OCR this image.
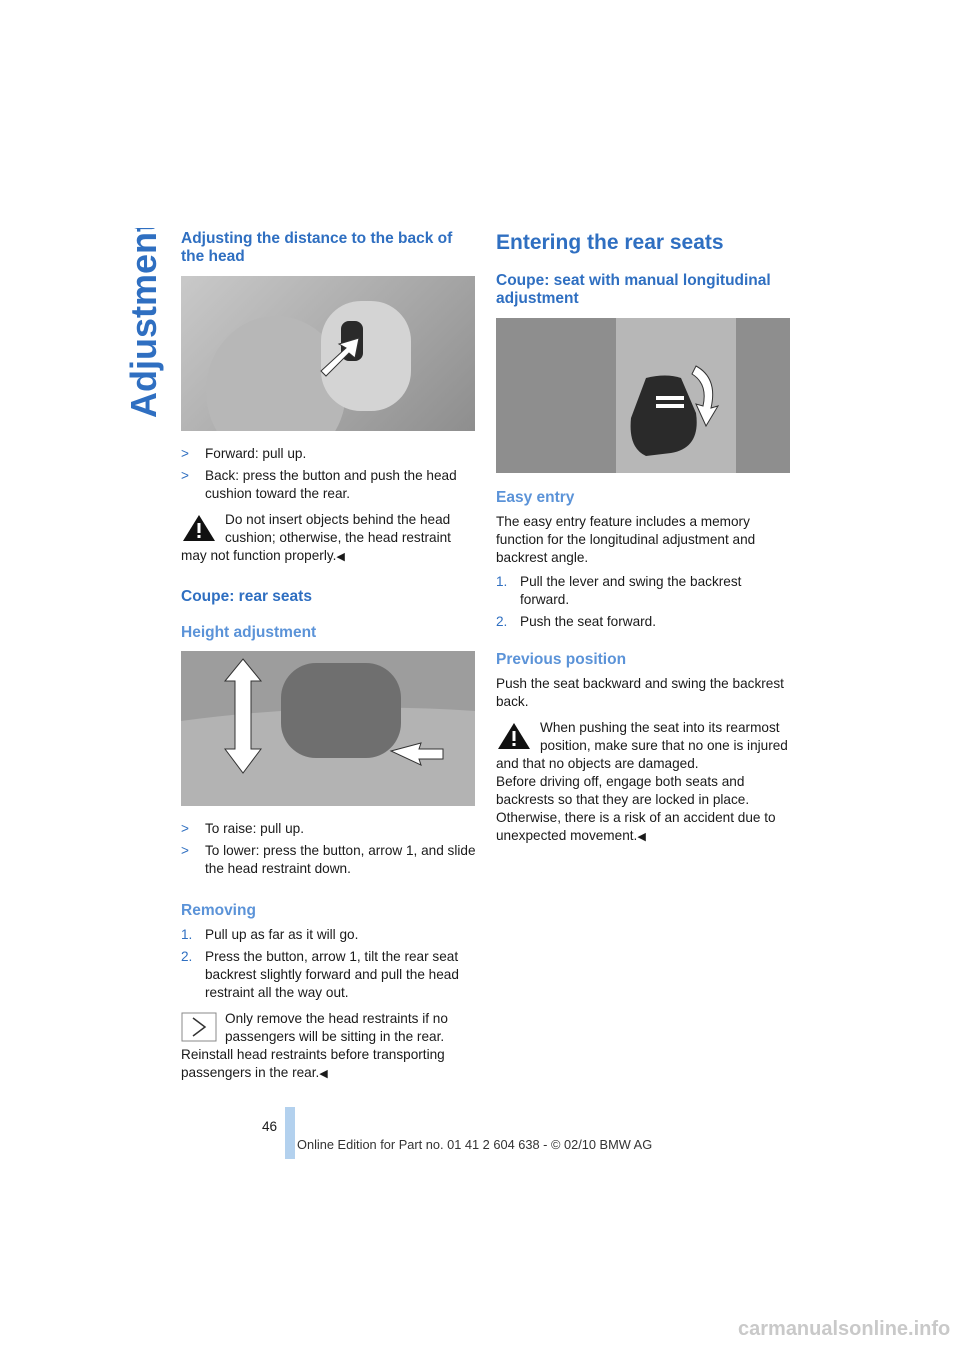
Adjustments Adjusting the distance to the back of the head
> Forward: pull up.
> Back: press the button and push the head cushion toward the rear.
Do not insert objects behind the head cushion; otherwise, the head restraint may not function properly.◀
Coupe: rear seats
Height adjustment
> To raise: pull up.
> To lower: press the button, arrow 1, and slide the head restraint down.
Removing
1. Pull up as far as it will go.
2. Press the button, arrow 1, tilt the rear seat backrest slightly forward and pull the head restraint all the way out.
Only remove the head restraints if no passengers will be sitting in the rear. Reinstall head restraints before transporting passengers in the rear.◀
Entering the rear seats
Coupe: seat with manual longitudinal adjustment
Easy entry

The easy entry feature includes a memory function for the longitudinal adjustment and backrest angle.

1. Pull the lever and swing the backrest forward.
2. Push the seat forward.
Previous position

Push the seat backward and swing the backrest back.

When pushing the seat into its rearmost position, make sure that no one is injured and that no objects are damaged.
Before driving off, engage both seats and backrests so that they are locked in place. Otherwise, there is a risk of an accident due to unexpected movement.◀
46
Online Edition for Part no. 01 41 2 604 638 - © 02/10 BMW AG
carmanualsonline.info
